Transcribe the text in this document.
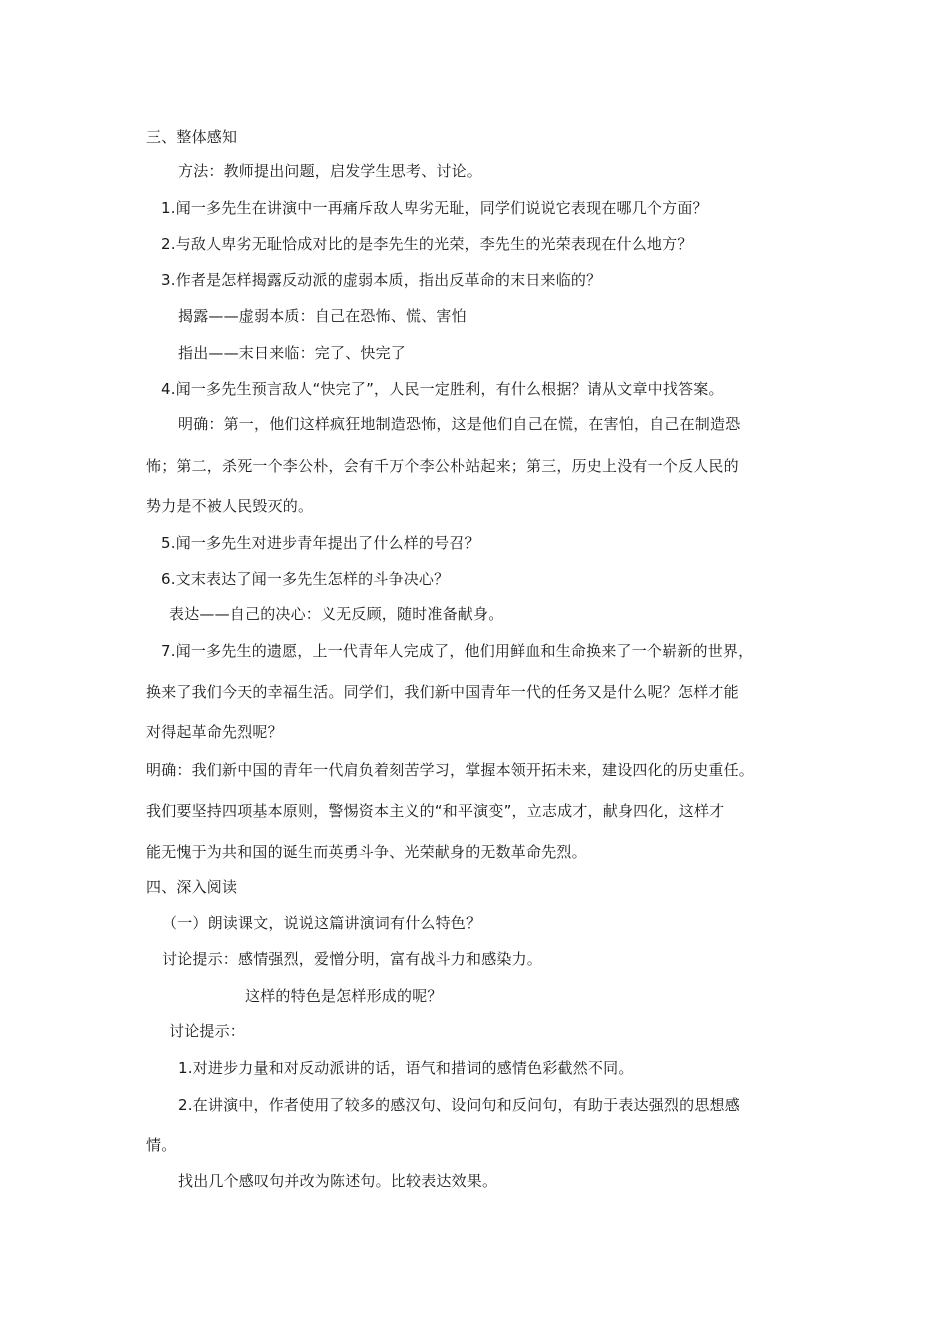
三、整体感知
方法：教师提出问题，启发学生思考、讨论。
1.闻一多先生在讲演中一再痛斥敌人卑劣无耻，同学们说说它表现在哪几个方面？
2.与敌人卑劣无耻恰成对比的是李先生的光荣，李先生的光荣表现在什么地方？
3.作者是怎样揭露反动派的虚弱本质，指出反革命的末日来临的？
揭露——虚弱本质：自己在恐怖、慌、害怕
指出——末日来临：完了、快完了
4.闻一多先生预言敌人“快完了”，人民一定胜利，有什么根据？请从文章中找答案。
明确：第一，他们这样疯狂地制造恐怖，这是他们自己在慌，在害怕，自己在制造恐
怖；第二，杀死一个李公朴，会有千万个李公朴站起来；第三，历史上没有一个反人民的
势力是不被人民毁灭的。
5.闻一多先生对进步青年提出了什么样的号召？
6.文末表达了闻一多先生怎样的斗争决心？
表达——自己的决心：义无反顾，随时准备献身。
7.闻一多先生的遗愿，上一代青年人完成了，他们用鲜血和生命换来了一个崭新的世界，
换来了我们今天的幸福生活。同学们，我们新中国青年一代的任务又是什么呢？怎样才能
对得起革命先烈呢？
明确：我们新中国的青年一代肩负着刻苦学习，掌握本领开拓未来，建设四化的历史重任。
我们要坚持四项基本原则，警惕资本主义的“和平演变”，立志成才，献身四化，这样才
能无愧于为共和国的诞生而英勇斗争、光荣献身的无数革命先烈。
四、深入阅读
（一）朗读课文，说说这篇讲演词有什么特色？
讨论提示：感情强烈，爱憎分明，富有战斗力和感染力。
这样的特色是怎样形成的呢？
讨论提示：
1.对进步力量和对反动派讲的话，语气和措词的感情色彩截然不同。
2.在讲演中，作者使用了较多的感汉句、设问句和反问句，有助于表达强烈的思想感
情。
找出几个感叹句并改为陈述句。比较表达效果。
